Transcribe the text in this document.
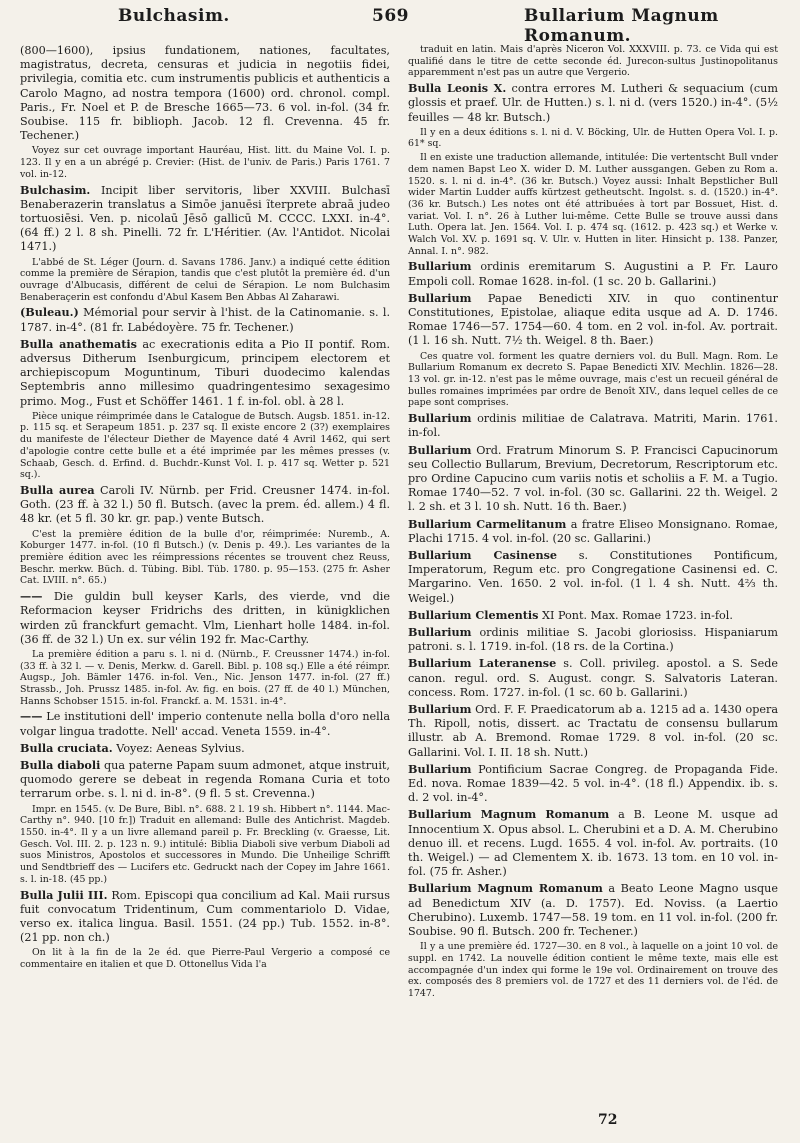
Bulchasim.	569	Bullarium Magnum Romanum.

(800—1600), ipsius fundationem, nationes, facultates, magistratus, decreta, censuras et judicia in negotiis fidei, privilegia, comitia etc. cum instrumentis publicis et authenticis a Carolo Magno, ad nostra tempora (1600) ord. chronol. compl. Paris., Fr. Noel et P. de Bresche 1665—73. 6 vol. in-fol. (34 fr. Soubise. 115 fr. biblioph. Jacob. 12 fl. Crevenna. 45 fr. Techener.)

Voyez sur cet ouvrage important Hauréau, Hist. litt. du Maine Vol. I. p. 123. Il y en a un abrégé p. Crevier: (Hist. de l'univ. de Paris.) Paris 1761. 7 vol. in-12.

Bulchasim. Incipit liber servitoris, liber XXVIII. Bulchasī Benaberazerin translatus a Simōe januēsi ĩterprete abraā judeo tortuosiēsi. Ven. p. nicolaū Jēsō gallicū M. CCCC. LXXI. in-4°. (64 ff.) 2 l. 8 sh. Pinelli. 72 fr. L'Héritier. (Av. l'Antidot. Nicolai 1471.)

L'abbé de St. Léger (Journ. d. Savans 1786. Janv.) a indiqué cette édition comme la première de Sérapion, tandis que c'est plutôt la première éd. d'un ouvrage d'Albucasis, différent de celui de Sérapion. Le nom Bulchasim Benaberaçerin est confondu d'Abul Kasem Ben Abbas Al Zaharawi.

(Buleau.) Mémorial pour servir à l'hist. de la Catinomanie. s. l. 1787. in-4°. (81 fr. Labédoyère. 75 fr. Techener.)

Bulla anathematis ac execrationis edita a Pio II pontif. Rom. adversus Ditherum Isenburgicum, principem electorem et archiepiscopum Moguntinum, Tiburi duodecimo kalendas Septembris anno millesimo quadringentesimo sexagesimo primo. Mog., Fust et Schöffer 1461. 1 f. in-fol. obl. à 28 l.

Pièce unique réimprimée dans le Catalogue de Butsch. Augsb. 1851. in-12. p. 115 sq. et Serapeum 1851. p. 237 sq. Il existe encore 2 (3?) exemplaires du manifeste de l'électeur Diether de Mayence daté 4 Avril 1462, qui sert d'apologie contre cette bulle et a été imprimée par les mêmes presses (v. Schaab, Gesch. d. Erfind. d. Buchdr.-Kunst Vol. I. p. 417 sq. Wetter p. 521 sq.).

Bulla aurea Caroli IV. Nürnb. per Frid. Creusner 1474. in-fol. Goth. (23 ff. à 32 l.) 50 fl. Butsch. (avec la prem. éd. allem.) 4 fl. 48 kr. (et 5 fl. 30 kr. gr. pap.) vente Butsch.

C'est la première édition de la bulle d'or, réimprimée: Nuremb., A. Koburger 1477. in-fol. (10 fl Butsch.) (v. Denis p. 49.). Les variantes de la première édition avec les réimpressions récentes se trouvent chez Reuss, Beschr. merkw. Büch. d. Tübing. Bibl. Tüb. 1780. p. 95—153. (275 fr. Asher Cat. LVIII. n°. 65.)

—— Die guldin bull keyser Karls, des vierde, vnd die Reformacion keyser Fridrichs des dritten, in künigklichen wirden zū franckfurt gemacht. Vlm, Lienhart holle 1484. in-fol. (36 ff. de 32 l.) Un ex. sur vélin 192 fr. Mac-Carthy.

La première édition a paru s. l. ni d. (Nürnb., F. Creussner 1474.) in-fol. (33 ff. à 32 l. — v. Denis, Merkw. d. Garell. Bibl. p. 108 sq.) Elle a été réimpr. Augsp., Joh. Bämler 1476. in-fol. Ven., Nic. Jenson 1477. in-fol. (27 ff.) Strassb., Joh. Prussz 1485. in-fol. Av. fig. en bois. (27 ff. de 40 l.) München, Hanns Schobser 1515. in-fol. Franckf. a. M. 1531. in-4°.

—— Le institutioni dell' imperio contenute nella bolla d'oro nella volgar lingua tradotte. Nell' accad. Veneta 1559. in-4°.

Bulla cruciata. Voyez: Aeneas Sylvius.

Bulla diaboli qua paterne Papam suum admonet, atque instruit, quomodo gerere se debeat in regenda Romana Curia et toto terrarum orbe. s. l. ni d. in-8°. (9 fl. 5 st. Crevenna.)

Impr. en 1545. (v. De Bure, Bibl. n°. 688. 2 l. 19 sh. Hibbert n°. 1144. Mac-Carthy n°. 940. [10 fr.]) Traduit en allemand: Bulle des Antichrist. Magdeb. 1550. in-4°. Il y a un livre allemand pareil p. Fr. Breckling (v. Graesse, Lit. Gesch. Vol. III. 2. p. 123 n. 9.) intitulé: Biblia Diaboli sive verbum Diaboli ad suos Ministros, Apostolos et successores in Mundo. Die Unheilige Schrifft und Sendtbrieff des — Lucifers etc. Gedruckt nach der Copey im Jahre 1661. s. l. in-18. (45 pp.)

Bulla Julii III. Rom. Episcopi qua concilium ad Kal. Maii rursus fuit convocatum Tridentinum, Cum commentariolo D. Vidae, verso ex. italica lingua. Basil. 1551. (24 pp.) Tub. 1552. in-8°. (21 pp. non ch.)

On lit à la fin de la 2e éd. que Pierre-Paul Vergerio a composé ce commentaire en italien et que D. Ottonellus Vida l'a

traduit en latin. Mais d'après Niceron Vol. XXXVIII. p. 73. ce Vida qui est qualifié dans le titre de cette seconde éd. Jurecon-sultus Justinopolitanus apparemment n'est pas un autre que Vergerio.

Bulla Leonis X. contra errores M. Lutheri & sequacium (cum glossis et praef. Ulr. de Hutten.) s. l. ni d. (vers 1520.) in-4°. (5½ feuilles — 48 kr. Butsch.)

Il y en a deux éditions s. l. ni d. V. Böcking, Ulr. de Hutten Opera Vol. I. p. 61* sq.

Il en existe une traduction allemande, intitulée: Die vertentscht Bull vnder dem namen Bapst Leo X. wider D. M. Luther aussgangen. Geben zu Rom a. 1520. s. l. ni d. in-4°. (36 kr. Butsch.) Voyez aussi: Inhalt Bepstlicher Bull wider Martin Ludder auffs kürtzest getheutscht. Ingolst. s. d. (1520.) in-4°. (36 kr. Butsch.) Les notes ont été attribuées à tort par Bossuet, Hist. d. variat. Vol. I. n°. 26 à Luther lui-même. Cette Bulle se trouve aussi dans Luth. Opera lat. Jen. 1564. Vol. I. p. 474 sq. (1612. p. 423 sq.) et Werke v. Walch Vol. XV. p. 1691 sq. V. Ulr. v. Hutten in liter. Hinsicht p. 138. Panzer, Annal. I. n°. 982.

Bullarium ordinis eremitarum S. Augustini a P. Fr. Lauro Empoli coll. Romae 1628. in-fol. (1 sc. 20 b. Gallarini.)

Bullarium Papae Benedicti XIV. in quo continentur Constitutiones, Epistolae, aliaque edita usque ad A. D. 1746. Romae 1746—57. 1754—60. 4 tom. en 2 vol. in-fol. Av. portrait. (1 l. 16 sh. Nutt. 7½ th. Weigel. 8 th. Baer.)

Ces quatre vol. forment les quatre derniers vol. du Bull. Magn. Rom. Le Bullarium Romanum ex decreto S. Papae Benedicti XIV. Mechlin. 1826—28. 13 vol. gr. in-12. n'est pas le même ouvrage, mais c'est un recueil général de bulles romaines imprimées par ordre de Benoît XIV., dans lequel celles de ce pape sont comprises.

Bullarium ordinis militiae de Calatrava. Matriti, Marin. 1761. in-fol.

Bullarium Ord. Fratrum Minorum S. P. Francisci Capucinorum seu Collectio Bullarum, Brevium, Decretorum, Rescriptorum etc. pro Ordine Capucino cum variis notis et scholiis a F. M. a Tugio. Romae 1740—52. 7 vol. in-fol. (30 sc. Gallarini. 22 th. Weigel. 2 l. 2 sh. et 3 l. 10 sh. Nutt. 16 th. Baer.)

Bullarium Carmelitanum a fratre Eliseo Monsignano. Romae, Plachi 1715. 4 vol. in-fol. (20 sc. Gallarini.)

Bullarium Casinense s. Constitutiones Pontificum, Imperatorum, Regum etc. pro Congregatione Casinensi ed. C. Margarino. Ven. 1650. 2 vol. in-fol. (1 l. 4 sh. Nutt. 4⅔ th. Weigel.)

Bullarium Clementis XI Pont. Max. Romae 1723. in-fol.

Bullarium ordinis militiae S. Jacobi gloriosiss. Hispaniarum patroni. s. l. 1719. in-fol. (18 rs. de la Cortina.)

Bullarium Lateranense s. Coll. privileg. apostol. a S. Sede canon. regul. ord. S. August. congr. S. Salvatoris Lateran. concess. Rom. 1727. in-fol. (1 sc. 60 b. Gallarini.)

Bullarium Ord. F. F. Praedicatorum ab a. 1215 ad a. 1430 opera Th. Ripoll, notis, dissert. ac Tractatu de consensu bullarum illustr. ab A. Bremond. Romae 1729. 8 vol. in-fol. (20 sc. Gallarini. Vol. I. II. 18 sh. Nutt.)

Bullarium Pontificium Sacrae Congreg. de Propaganda Fide. Ed. nova. Romae 1839—42. 5 vol. in-4°. (18 fl.) Appendix. ib. s. d. 2 vol. in-4°.

Bullarium Magnum Romanum a B. Leone M. usque ad Innocentium X. Opus absol. L. Cherubini et a D. A. M. Cherubino denuo ill. et recens. Lugd. 1655. 4 vol. in-fol. Av. portraits. (10 th. Weigel.) — ad Clementem X. ib. 1673. 13 tom. en 10 vol. in-fol. (75 fr. Asher.)

Bullarium Magnum Romanum a Beato Leone Magno usque ad Benedictum XIV (a. D. 1757). Ed. Noviss. (a Laertio Cherubino). Luxemb. 1747—58. 19 tom. en 11 vol. in-fol. (200 fr. Soubise. 90 fl. Butsch. 200 fr. Techener.)

Il y a une première éd. 1727—30. en 8 vol., à laquelle on a joint 10 vol. de suppl. en 1742. La nouvelle édition contient le même texte, mais elle est accompagnée d'un index qui forme le 19e vol. Ordinairement on trouve des ex. composés des 8 premiers vol. de 1727 et des 11 derniers vol. de l'éd. de 1747.

72
